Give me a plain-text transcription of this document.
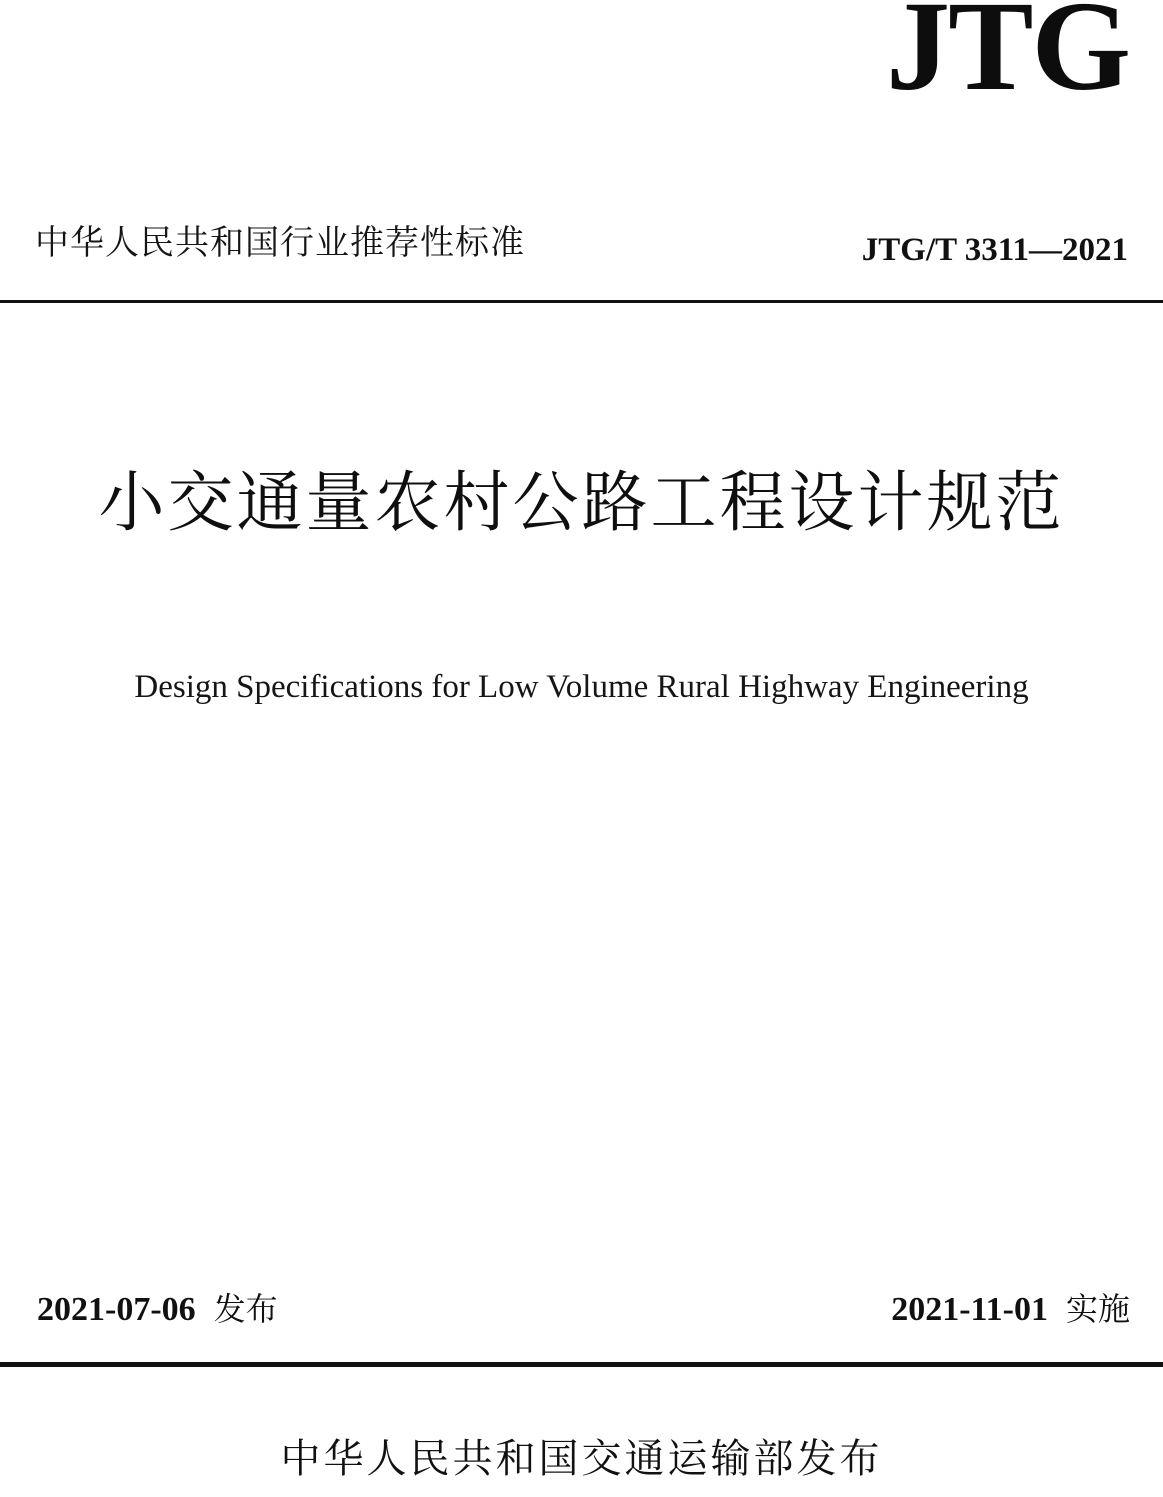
JTG
中华人民共和国行业推荐性标准	JTG/T 3311—2021
小交通量农村公路工程设计规范
Design Specifications for Low Volume Rural Highway Engineering
2021-07-06 发布	2021-11-01 实施
中华人民共和国交通运输部发布
